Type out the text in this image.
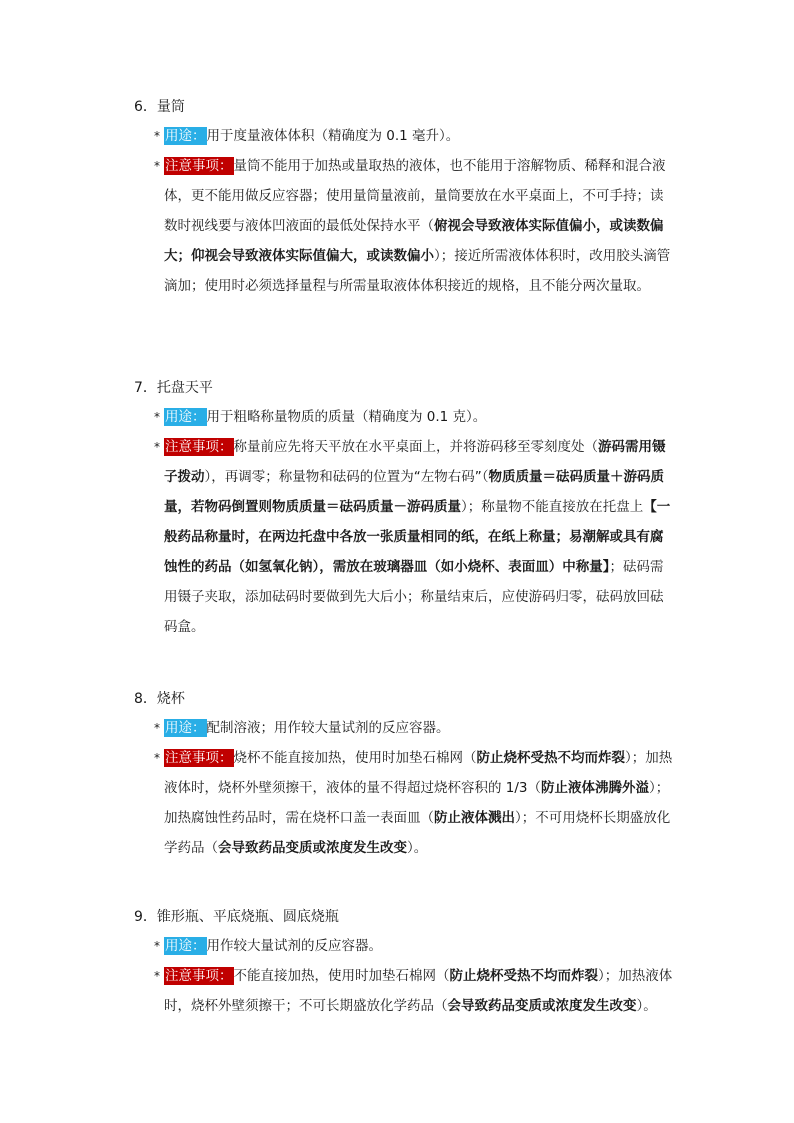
6．量筒
* 用途：用于度量液体体积（精确度为 0.1 毫升）。
* 注意事项：量筒不能用于加热或量取热的液体，也不能用于溶解物质、稀释和混合液体，更不能用做反应容器；使用量筒量液前，量筒要放在水平桌面上，不可手持；读数时视线要与液体凹液面的最低处保持水平（俯视会导致液体实际值偏小，或读数偏大；仰视会导致液体实际值偏大，或读数偏小）；接近所需液体体积时，改用胶头滴管滴加；使用时必须选择量程与所需量取液体体积接近的规格，且不能分两次量取。
7．托盘天平
* 用途：用于粗略称量物质的质量（精确度为 0.1 克）。
* 注意事项：称量前应先将天平放在水平桌面上，并将游码移至零刻度处（游码需用镊子拨动），再调零；称量物和砝码的位置为“左物右码”（物质质量＝砝码质量＋游码质量，若物码倒置则物质质量＝砝码质量－游码质量）；称量物不能直接放在托盘上【一般药品称量时，在两边托盘中各放一张质量相同的纸，在纸上称量；易潮解或具有腐蚀性的药品（如氢氧化钠），需放在玻璃器皿（如小烧杯、表面皿）中称量】；砝码需用镊子夹取，添加砝码时要做到先大后小；称量结束后，应使游码归零，砝码放回砝码盒。
8．烧杯
* 用途：配制溶液；用作较大量试剂的反应容器。
* 注意事项：烧杯不能直接加热，使用时加垫石棉网（防止烧杯受热不均而炸裂）；加热液体时，烧杯外壁须擦干，液体的量不得超过烧杯容积的 1/3（防止液体沸腾外溢）；加热腐蚀性药品时，需在烧杯口盖一表面皿（防止液体溅出）；不可用烧杯长期盛放化学药品（会导致药品变质或浓度发生改变）。
9．锥形瓶、平底烧瓶、圆底烧瓶
* 用途：用作较大量试剂的反应容器。
* 注意事项：不能直接加热，使用时加垫石棉网（防止烧杯受热不均而炸裂）；加热液体时，烧杯外壁须擦干；不可长期盛放化学药品（会导致药品变质或浓度发生改变）。
